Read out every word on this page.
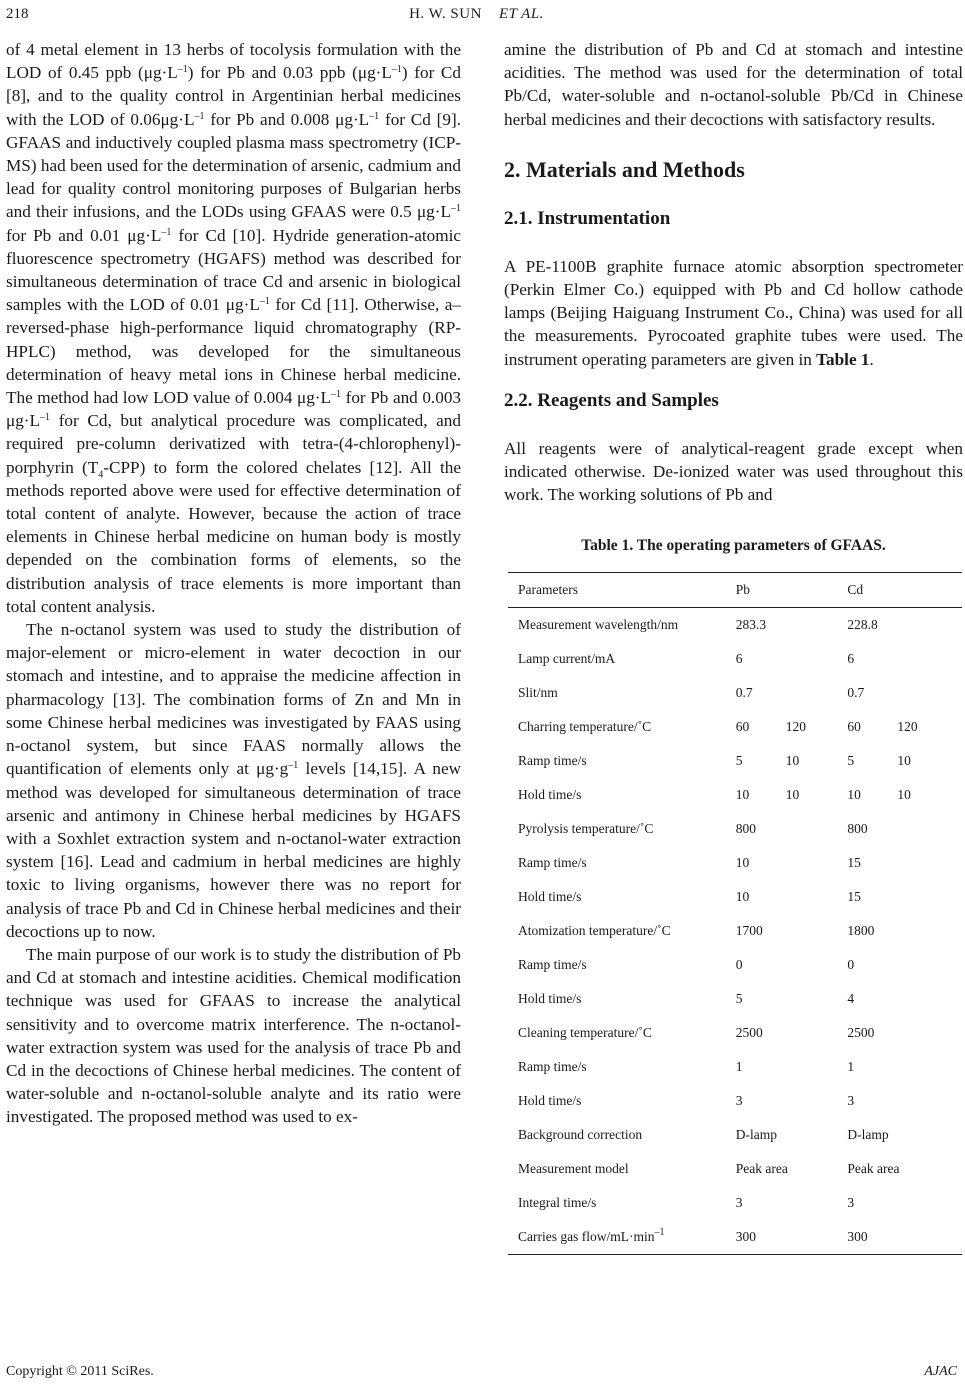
218	H. W. SUN ET AL.

of 4 metal element in 13 herbs of tocolysis formulation with the LOD of 0.45 ppb $(\mu g\cdot L^{-1})$ for Pb and 0.03 ppb $(\mu g\cdot L^{-1})$ for Cd [8], and to the quality control in Argentinian herbal medicines with the LOD of $0.06\mu g\cdot L^{-1}$ for Pb and 0.008 $\mu g\cdot L^{-1}$ for Cd [9]. GFAAS and inductively coupled plasma mass spectrometry (ICP-MS) had been used for the determination of arsenic, cadmium and lead for quality control monitoring purposes of Bulgarian herbs and their infusions, and the LODs using GFAAS were 0.5 $\mu g\cdot L^{-1}$ for Pb and 0.01 $\mu g\cdot L^{-1}$ for Cd [10]. Hydride generation-atomic fluorescence spectrometry (HGAFS) method was described for simultaneous determination of trace Cd and arsenic in biological samples with the LOD of 0.01 $\mu g\cdot L^{-1}$ for Cd [11]. Otherwise, a–reversed-phase high-performance liquid chromatography (RP-HPLC) method, was developed for the simultaneous determination of heavy metal ions in Chinese herbal medicine. The method had low LOD value of 0.004 $\mu g\cdot L^{-1}$ for Pb and 0.003 $\mu g\cdot L^{-1}$ for Cd, but analytical procedure was complicated, and required pre-column derivatized with tetra-(4-chlorophenyl)-porphyrin $(T_4-CPP)$ to form the colored chelates [12]. All the methods reported above were used for effective determination of total content of analyte. However, because the action of trace elements in Chinese herbal medicine on human body is mostly depended on the combination forms of elements, so the distribution analysis of trace elements is more important than total content analysis.

The n-octanol system was used to study the distribution of major-element or micro-element in water decoction in our stomach and intestine, and to appraise the medicine affection in pharmacology [13]. The combination forms of Zn and Mn in some Chinese herbal medicines was investigated by FAAS using n-octanol system, but since FAAS normally allows the quantification of elements only at $\mu g\cdot g^{-1}$ levels [14,15]. A new method was developed for simultaneous determination of trace arsenic and antimony in Chinese herbal medicines by HGAFS with a Soxhlet extraction system and n-octanol-water extraction system [16]. Lead and cadmium in herbal medicines are highly toxic to living organisms, however there was no report for analysis of trace Pb and Cd in Chinese herbal medicines and their decoctions up to now.

The main purpose of our work is to study the distribution of Pb and Cd at stomach and intestine acidities. Chemical modification technique was used for GFAAS to increase the analytical sensitivity and to overcome matrix interference. The n-octanol-water extraction system was used for the analysis of trace Pb and Cd in the decoctions of Chinese herbal medicines. The content of water-soluble and n-octanol-soluble analyte and its ratio were investigated. The proposed method was used to ex-

amine the distribution of Pb and Cd at stomach and intestine acidities. The method was used for the determination of total Pb/Cd, water-soluble and n-octanol-soluble Pb/Cd in Chinese herbal medicines and their decoctions with satisfactory results.

2. Materials and Methods
2.1. Instrumentation

A PE-1100B graphite furnace atomic absorption spectrometer (Perkin Elmer Co.) equipped with Pb and Cd hollow cathode lamps (Beijing Haiguang Instrument Co., China) was used for all the measurements. Pyrocoated graphite tubes were used. The instrument operating parameters are given in Table 1.

2.2. Reagents and Samples

All reagents were of analytical-reagent grade except when indicated otherwise. De-ionized water was used throughout this work. The working solutions of Pb and

Table 1. The operating parameters of GFAAS.
Parameters	Pb	Cd
Measurement wavelength/nm	283.3	228.8
Lamp current/mA	6	6
Slit/nm	0.7	0.7
Charring temperature/˚C	60 120	60 120
Ramp time/s	5 10	5 10
Hold time/s	10 10	10 10
Pyrolysis temperature/˚C	800	800
Ramp time/s	10	15
Hold time/s	10	15
Atomization temperature/˚C	1700	1800
Ramp time/s	0	0
Hold time/s	5	4
Cleaning temperature/˚C	2500	2500
Ramp time/s	1	1
Hold time/s	3	3
Background correction	D-lamp	D-lamp
Measurement model	Peak area	Peak area
Integral time/s	3	3
Carries gas flow/$mL\cdot\min^{-1}$	300	300
Copyright © 2011 SciRes.	AJAC
